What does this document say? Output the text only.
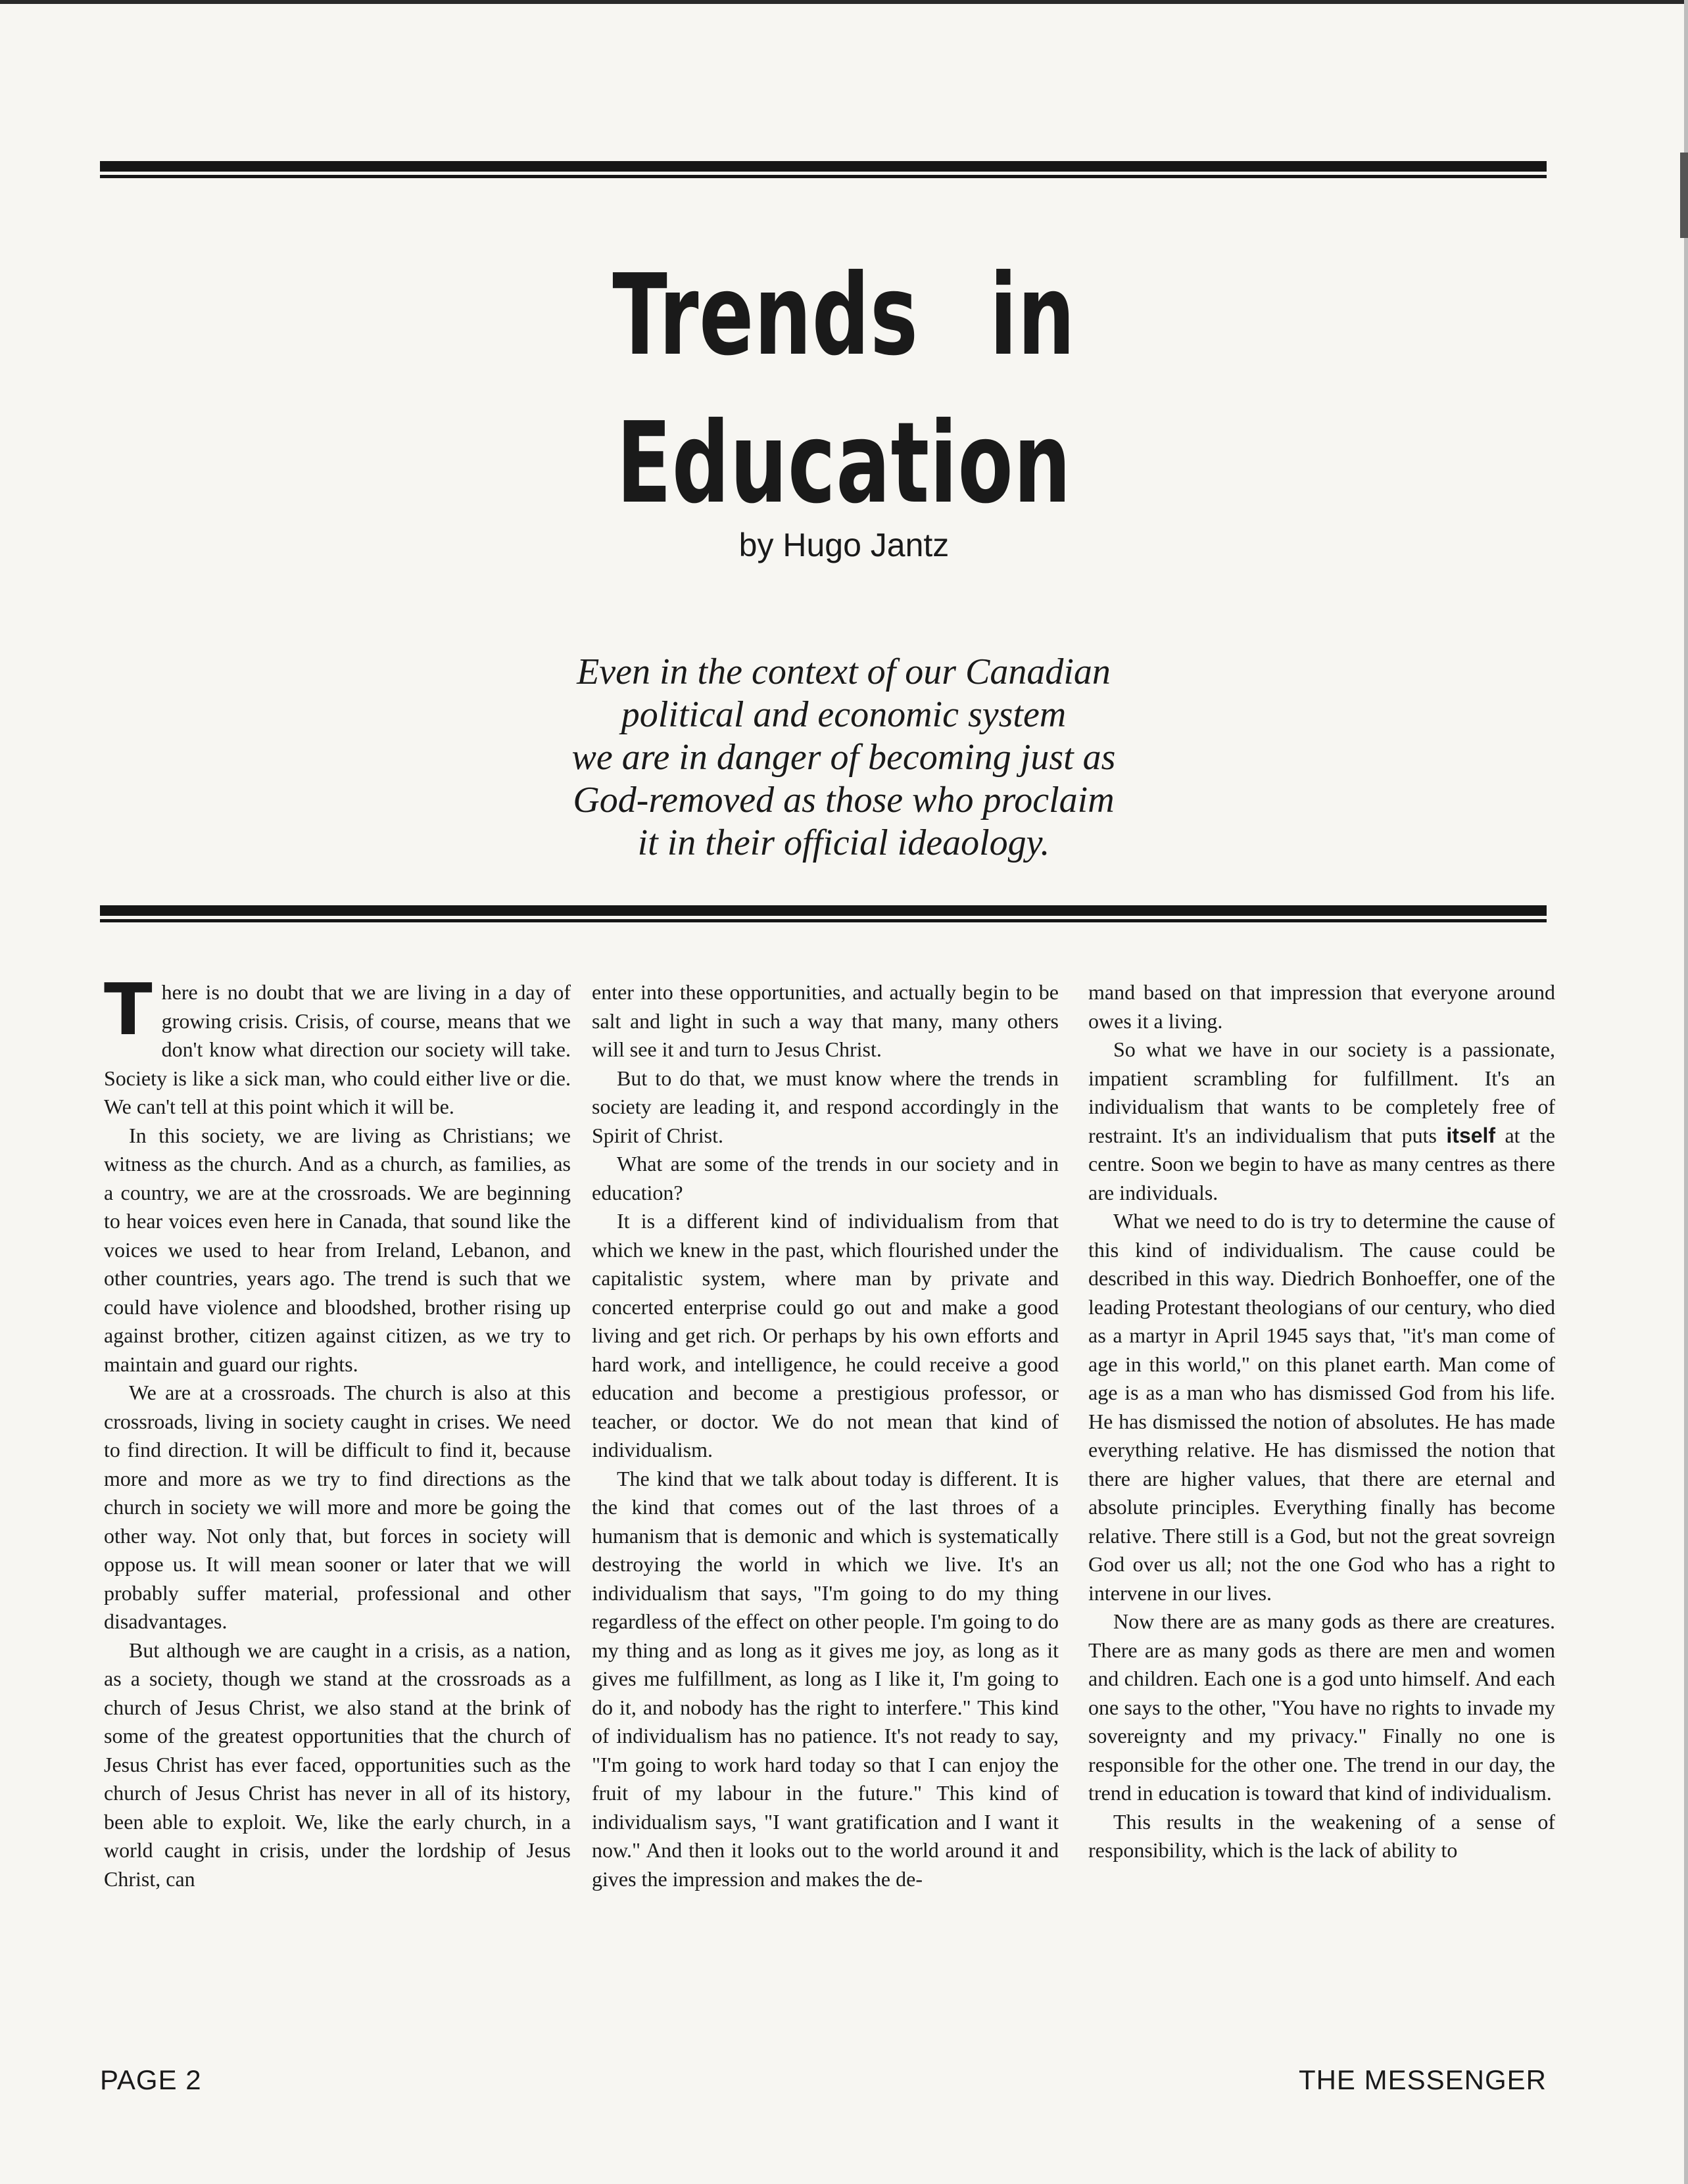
Trends in
Education
by Hugo Jantz
Even in the context of our Canadian
political and economic system
we are in danger of becoming just as
God-removed as those who proclaim
it in their official ideaology.

There is no doubt that we are living in a day of growing crisis. Crisis, of course, means that we don't know what direction our society will take. Society is like a sick man, who could either live or die. We can't tell at this point which it will be.

In this society, we are living as Christians; we witness as the church. And as a church, as families, as a country, we are at the crossroads. We are beginning to hear voices even here in Canada, that sound like the voices we used to hear from Ireland, Lebanon, and other countries, years ago. The trend is such that we could have violence and bloodshed, brother rising up against brother, citizen against citizen, as we try to maintain and guard our rights.

We are at a crossroads. The church is also at this crossroads, living in society caught in crises. We need to find direction. It will be difficult to find it, because more and more as we try to find directions as the church in society we will more and more be going the other way. Not only that, but forces in society will oppose us. It will mean sooner or later that we will probably suffer material, professional and other disadvantages.

But although we are caught in a crisis, as a nation, as a society, though we stand at the crossroads as a church of Jesus Christ, we also stand at the brink of some of the greatest opportunities that the church of Jesus Christ has ever faced, opportunities such as the church of Jesus Christ has never in all of its history, been able to exploit. We, like the early church, in a world caught in crisis, under the lordship of Jesus Christ, can

enter into these opportunities, and actually begin to be salt and light in such a way that many, many others will see it and turn to Jesus Christ.

But to do that, we must know where the trends in society are leading it, and respond accordingly in the Spirit of Christ.

What are some of the trends in our society and in education?

It is a different kind of individualism from that which we knew in the past, which flourished under the capitalistic system, where man by private and concerted enterprise could go out and make a good living and get rich. Or perhaps by his own efforts and hard work, and intelligence, he could receive a good education and become a prestigious professor, or teacher, or doctor. We do not mean that kind of individualism.

The kind that we talk about today is different. It is the kind that comes out of the last throes of a humanism that is demonic and which is systematically destroying the world in which we live. It's an individualism that says, "I'm going to do my thing regardless of the effect on other people. I'm going to do my thing and as long as it gives me joy, as long as it gives me fulfillment, as long as I like it, I'm going to do it, and nobody has the right to interfere." This kind of individualism has no patience. It's not ready to say, "I'm going to work hard today so that I can enjoy the fruit of my labour in the future." This kind of individualism says, "I want gratification and I want it now." And then it looks out to the world around it and gives the impression and makes the de-

mand based on that impression that everyone around owes it a living.

So what we have in our society is a passionate, impatient scrambling for fulfillment. It's an individualism that wants to be completely free of restraint. It's an individualism that puts itself at the centre. Soon we begin to have as many centres as there are individuals.

What we need to do is try to determine the cause of this kind of individualism. The cause could be described in this way. Diedrich Bonhoeffer, one of the leading Protestant theologians of our century, who died as a martyr in April 1945 says that, "it's man come of age in this world," on this planet earth. Man come of age is as a man who has dismissed God from his life. He has dismissed the notion of absolutes. He has made everything relative. He has dismissed the notion that there are higher values, that there are eternal and absolute principles. Everything finally has become relative. There still is a God, but not the great sovreign God over us all; not the one God who has a right to intervene in our lives.

Now there are as many gods as there are creatures. There are as many gods as there are men and women and children. Each one is a god unto himself. And each one says to the other, "You have no rights to invade my sovereignty and my privacy." Finally no one is responsible for the other one. The trend in our day, the trend in education is toward that kind of individualism.

This results in the weakening of a sense of responsibility, which is the lack of ability to

PAGE 2	THE MESSENGER
